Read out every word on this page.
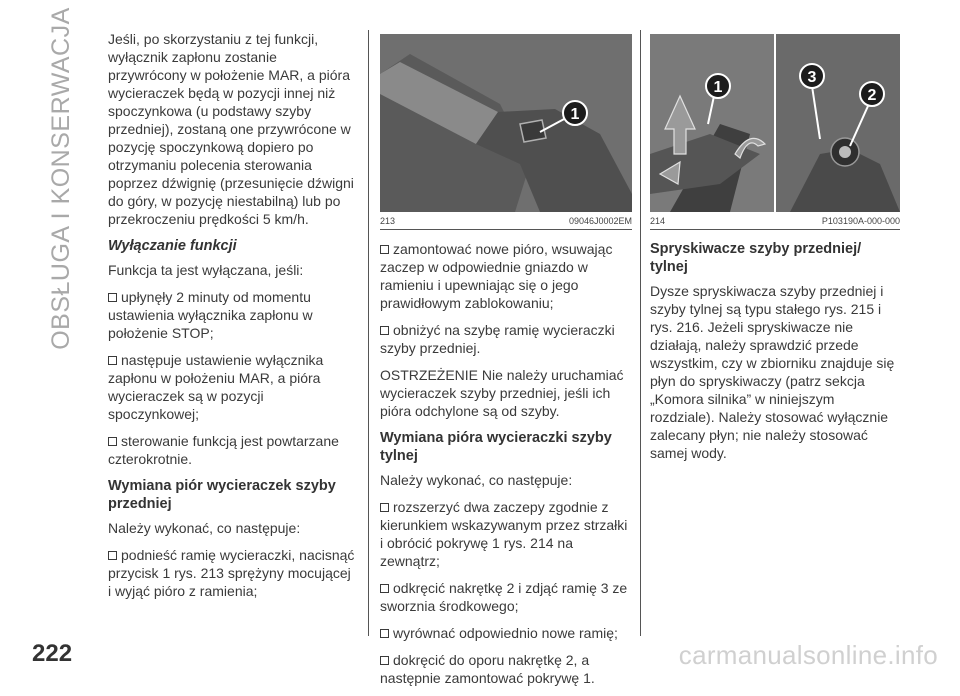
OBSŁUGA I KONSERWACJA Jeśli, po skorzystaniu z tej funkcji, wyłącznik zapłonu zostanie przywrócony w położenie MAR, a pióra wycieraczek będą w pozycji innej niż spoczynkowa (u podstawy szyby przedniej), zostaną one przywrócone w pozycję spoczynkową dopiero po otrzymaniu polecenia sterowania poprzez dźwignię (przesunięcie dźwigni do góry, w pozycję niestabilną) lub po przekroczeniu prędkości 5 km/h.

Wyłączanie funkcji

Funkcja ta jest wyłączana, jeśli:

upłynęły 2 minuty od momentu ustawienia wyłącznika zapłonu w położenie STOP;

następuje ustawienie wyłącznika zapłonu w położeniu MAR, a pióra wycieraczek są w pozycji spoczynkowej;

sterowanie funkcją jest powtarzane czterokrotnie.

Wymiana piór wycieraczek szyby przedniej

Należy wykonać, co następuje:

podnieść ramię wycieraczki, nacisnąć przycisk 1 rys. 213 sprężyny mocującej i wyjąć pióro z ramienia;

1
213	09046J0002EM
1
3
2
214	P103190A-000-000

zamontować nowe pióro, wsuwając zaczep w odpowiednie gniazdo w ramieniu i upewniając się o jego prawidłowym zablokowaniu;

obniżyć na szybę ramię wycieraczki szyby przedniej.

OSTRZEŻENIE Nie należy uruchamiać wycieraczek szyby przedniej, jeśli ich pióra odchylone są od szyby.

Wymiana pióra wycieraczki szyby tylnej

Należy wykonać, co następuje:

rozszerzyć dwa zaczepy zgodnie z kierunkiem wskazywanym przez strzałki i obrócić pokrywę 1 rys. 214 na zewnątrz;

odkręcić nakrętkę 2 i zdjąć ramię 3 ze sworznia środkowego;

wyrównać odpowiednio nowe ramię;

dokręcić do oporu nakrętkę 2, a następnie zamontować pokrywę 1.

Spryskiwacze szyby przedniej/ tylnej

Dysze spryskiwacza szyby przedniej i szyby tylnej są typu stałego rys. 215 i rys. 216. Jeżeli spryskiwacze nie działają, należy sprawdzić przede wszystkim, czy w zbiorniku znajduje się płyn do spryskiwaczy (patrz sekcja „Komora silnika” w niniejszym rozdziale). Należy stosować wyłącznie zalecany płyn; nie należy stosować samej wody.

222	carmanualsonline.info
